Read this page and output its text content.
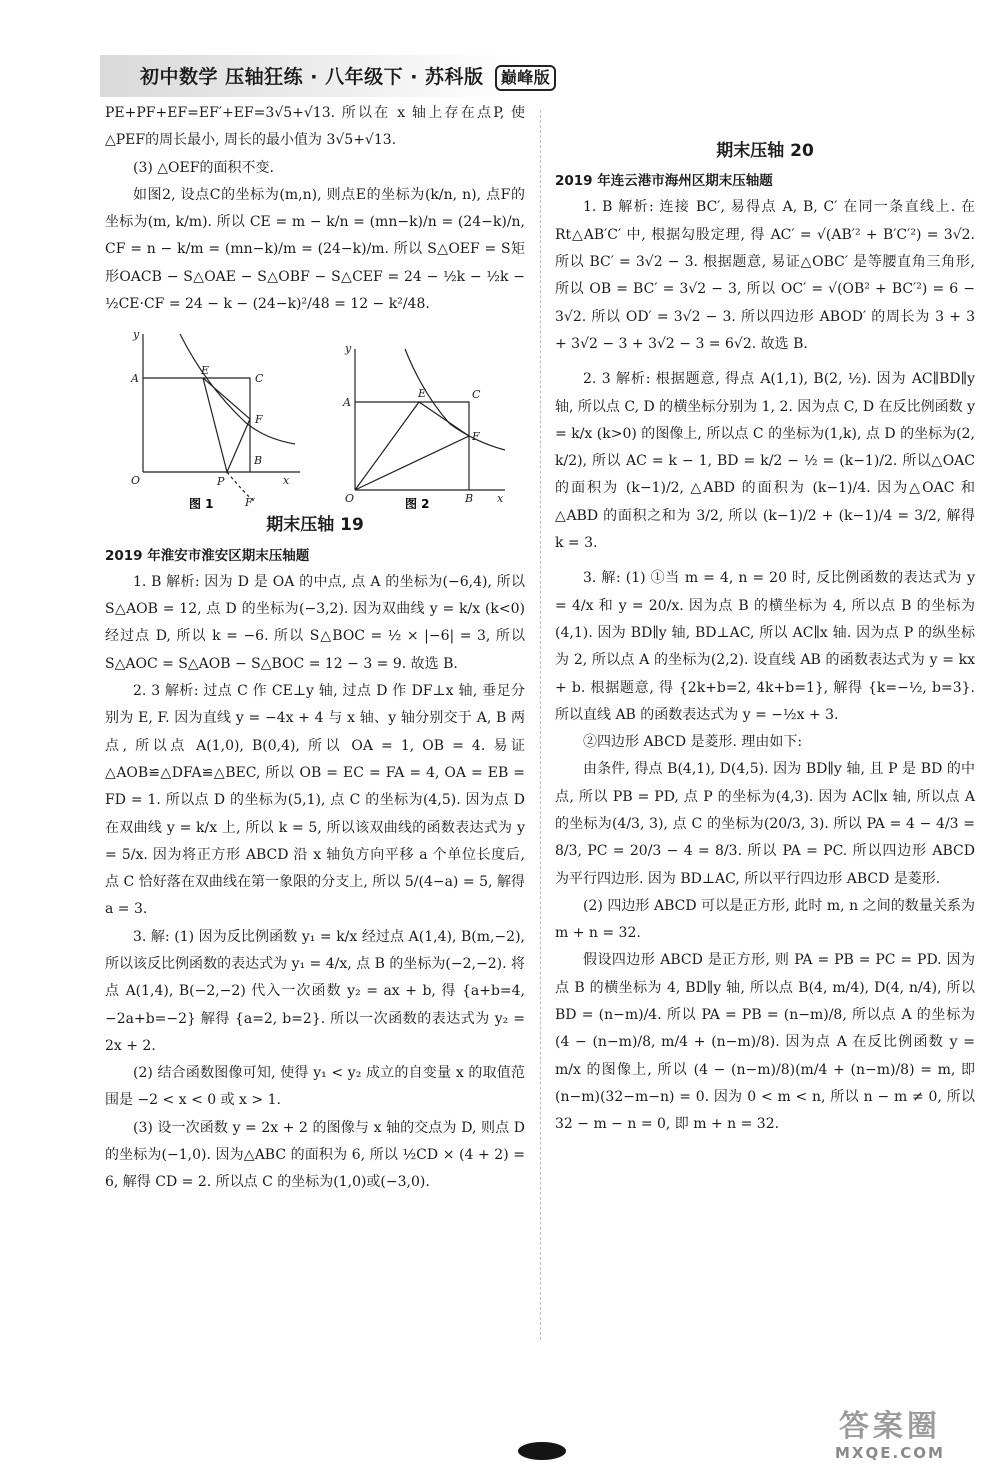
初中数学 压轴狂练 · 八年级下 · 苏科版 巅峰版

PE+PF+EF=EF′+EF=3√5+√13. 所以在 x 轴上存在点P, 使△PEF的周长最小, 周长的最小值为 3√5+√13.

(3) △OEF的面积不变.

如图2, 设点C的坐标为(m,n), 则点E的坐标为(k/n, n), 点F的坐标为(m, k/m). 所以 CE = m − k/n = (mn−k)/n = (24−k)/n, CF = n − k/m = (mn−k)/m = (24−k)/m. 所以 S△OEF = S矩形OACB − S△OAE − S△OBF − S△CEF = 24 − ½k − ½k − ½CE·CF = 24 − k − (24−k)²/48 = 12 − k²/48.

y
A
E
C
F
B
O	P	x
F′
y
A
E	C
F
O	B x
图 1	图 2

期末压轴 19

2019 年淮安市淮安区期末压轴题

1. B 解析: 因为 D 是 OA 的中点, 点 A 的坐标为(−6,4), 所以 S△AOB = 12, 点 D 的坐标为(−3,2). 因为双曲线 y = k/x (k<0) 经过点 D, 所以 k = −6. 所以 S△BOC = ½ × |−6| = 3, 所以 S△AOC = S△AOB − S△BOC = 12 − 3 = 9. 故选 B.

2. 3 解析: 过点 C 作 CE⊥y 轴, 过点 D 作 DF⊥x 轴, 垂足分别为 E, F. 因为直线 y = −4x + 4 与 x 轴、y 轴分别交于 A, B 两点, 所以点 A(1,0), B(0,4), 所以 OA = 1, OB = 4. 易证△AOB≌△DFA≌△BEC, 所以 OB = EC = FA = 4, OA = EB = FD = 1. 所以点 D 的坐标为(5,1), 点 C 的坐标为(4,5). 因为点 D 在双曲线 y = k/x 上, 所以 k = 5, 所以该双曲线的函数表达式为 y = 5/x. 因为将正方形 ABCD 沿 x 轴负方向平移 a 个单位长度后, 点 C 恰好落在双曲线在第一象限的分支上, 所以 5/(4−a) = 5, 解得 a = 3.

3. 解: (1) 因为反比例函数 y₁ = k/x 经过点 A(1,4), B(m,−2), 所以该反比例函数的表达式为 y₁ = 4/x, 点 B 的坐标为(−2,−2). 将点 A(1,4), B(−2,−2) 代入一次函数 y₂ = ax + b, 得 {a+b=4, −2a+b=−2} 解得 {a=2, b=2}. 所以一次函数的表达式为 y₂ = 2x + 2.

(2) 结合函数图像可知, 使得 y₁ < y₂ 成立的自变量 x 的取值范围是 −2 < x < 0 或 x > 1.

(3) 设一次函数 y = 2x + 2 的图像与 x 轴的交点为 D, 则点 D 的坐标为(−1,0). 因为△ABC 的面积为 6, 所以 ½CD × (4 + 2) = 6, 解得 CD = 2. 所以点 C 的坐标为(1,0)或(−3,0).

期末压轴 20

2019 年连云港市海州区期末压轴题

1. B 解析: 连接 BC′, 易得点 A, B, C′ 在同一条直线上. 在 Rt△AB′C′ 中, 根据勾股定理, 得 AC′ = √(AB′² + B′C′²) = 3√2. 所以 BC′ = 3√2 − 3. 根据题意, 易证△OBC′ 是等腰直角三角形, 所以 OB = BC′ = 3√2 − 3, 所以 OC′ = √(OB² + BC′²) = 6 − 3√2. 所以 OD′ = 3√2 − 3. 所以四边形 ABOD′ 的周长为 3 + 3 + 3√2 − 3 + 3√2 − 3 = 6√2. 故选 B.

2. 3 解析: 根据题意, 得点 A(1,1), B(2, ½). 因为 AC∥BD∥y 轴, 所以点 C, D 的横坐标分别为 1, 2. 因为点 C, D 在反比例函数 y = k/x (k>0) 的图像上, 所以点 C 的坐标为(1,k), 点 D 的坐标为(2, k/2), 所以 AC = k − 1, BD = k/2 − ½ = (k−1)/2. 所以△OAC 的面积为 (k−1)/2, △ABD 的面积为 (k−1)/4. 因为△OAC 和△ABD 的面积之和为 3/2, 所以 (k−1)/2 + (k−1)/4 = 3/2, 解得 k = 3.

3. 解: (1) ①当 m = 4, n = 20 时, 反比例函数的表达式为 y = 4/x 和 y = 20/x. 因为点 B 的横坐标为 4, 所以点 B 的坐标为(4,1). 因为 BD∥y 轴, BD⊥AC, 所以 AC∥x 轴. 因为点 P 的纵坐标为 2, 所以点 A 的坐标为(2,2). 设直线 AB 的函数表达式为 y = kx + b. 根据题意, 得 {2k+b=2, 4k+b=1}, 解得 {k=−½, b=3}. 所以直线 AB 的函数表达式为 y = −½x + 3.

②四边形 ABCD 是菱形. 理由如下:

由条件, 得点 B(4,1), D(4,5). 因为 BD∥y 轴, 且 P 是 BD 的中点, 所以 PB = PD, 点 P 的坐标为(4,3). 因为 AC∥x 轴, 所以点 A 的坐标为(4/3, 3), 点 C 的坐标为(20/3, 3). 所以 PA = 4 − 4/3 = 8/3, PC = 20/3 − 4 = 8/3. 所以 PA = PC. 所以四边形 ABCD 为平行四边形. 因为 BD⊥AC, 所以平行四边形 ABCD 是菱形.

(2) 四边形 ABCD 可以是正方形, 此时 m, n 之间的数量关系为 m + n = 32.

假设四边形 ABCD 是正方形, 则 PA = PB = PC = PD. 因为点 B 的横坐标为 4, BD∥y 轴, 所以点 B(4, m/4), D(4, n/4), 所以 BD = (n−m)/4. 所以 PA = PB = (n−m)/8, 所以点 A 的坐标为 (4 − (n−m)/8, m/4 + (n−m)/8). 因为点 A 在反比例函数 y = m/x 的图像上, 所以 (4 − (n−m)/8)(m/4 + (n−m)/8) = m, 即 (n−m)(32−m−n) = 0. 因为 0 < m < n, 所以 n − m ≠ 0, 所以 32 − m − n = 0, 即 m + n = 32.

答案圈
MXQE.COM
